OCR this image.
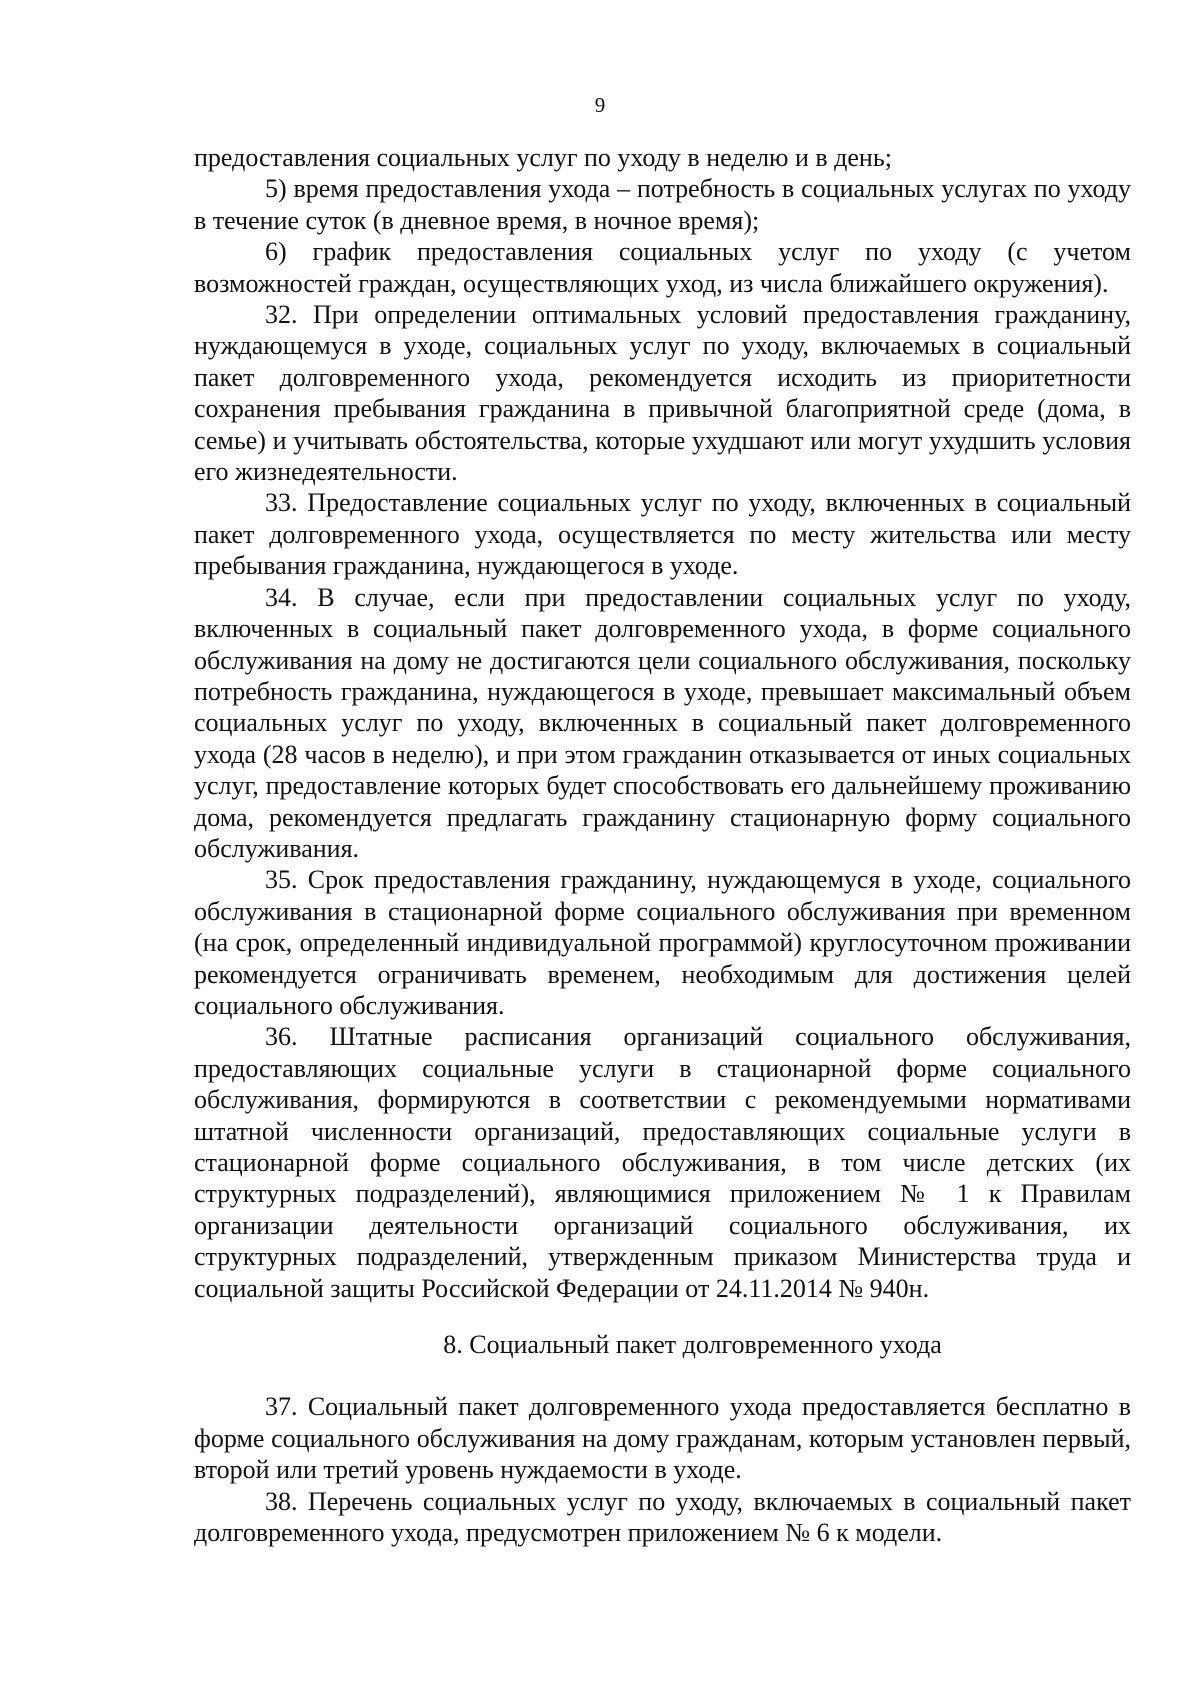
9

предоставления социальных услуг по уходу в неделю и в день;

5) время предоставления ухода – потребность в социальных услугах по уходу в течение суток (в дневное время, в ночное время);

6) график предоставления социальных услуг по уходу (с учетом возможностей граждан, осуществляющих уход, из числа ближайшего окружения).

32. При определении оптимальных условий предоставления гражданину, нуждающемуся в уходе, социальных услуг по уходу, включаемых в социальный пакет долговременного ухода, рекомендуется исходить из приоритетности сохранения пребывания гражданина в привычной благоприятной среде (дома, в семье) и учитывать обстоятельства, которые ухудшают или могут ухудшить условия его жизнедеятельности.

33. Предоставление социальных услуг по уходу, включенных в социальный пакет долговременного ухода, осуществляется по месту жительства или месту пребывания гражданина, нуждающегося в уходе.

34. В случае, если при предоставлении социальных услуг по уходу, включенных в социальный пакет долговременного ухода, в форме социального обслуживания на дому не достигаются цели социального обслуживания, поскольку потребность гражданина, нуждающегося в уходе, превышает максимальный объем социальных услуг по уходу, включенных в социальный пакет долговременного ухода (28 часов в неделю), и при этом гражданин отказывается от иных социальных услуг, предоставление которых будет способствовать его дальнейшему проживанию дома, рекомендуется предлагать гражданину стационарную форму социального обслуживания.

35. Срок предоставления гражданину, нуждающемуся в уходе, социального обслуживания в стационарной форме социального обслуживания при временном (на срок, определенный индивидуальной программой) круглосуточном проживании рекомендуется ограничивать временем, необходимым для достижения целей социального обслуживания.

36. Штатные расписания организаций социального обслуживания, предоставляющих социальные услуги в стационарной форме социального обслуживания, формируются в соответствии с рекомендуемыми нормативами штатной численности организаций, предоставляющих социальные услуги в стационарной форме социального обслуживания, в том числе детских (их структурных подразделений), являющимися приложением № 1 к Правилам организации деятельности организаций социального обслуживания, их структурных подразделений, утвержденным приказом Министерства труда и социальной защиты Российской Федерации от 24.11.2014 № 940н.

8. Социальный пакет долговременного ухода

37. Социальный пакет долговременного ухода предоставляется бесплатно в форме социального обслуживания на дому гражданам, которым установлен первый, второй или третий уровень нуждаемости в уходе.

38. Перечень социальных услуг по уходу, включаемых в социальный пакет долговременного ухода, предусмотрен приложением № 6 к модели.
